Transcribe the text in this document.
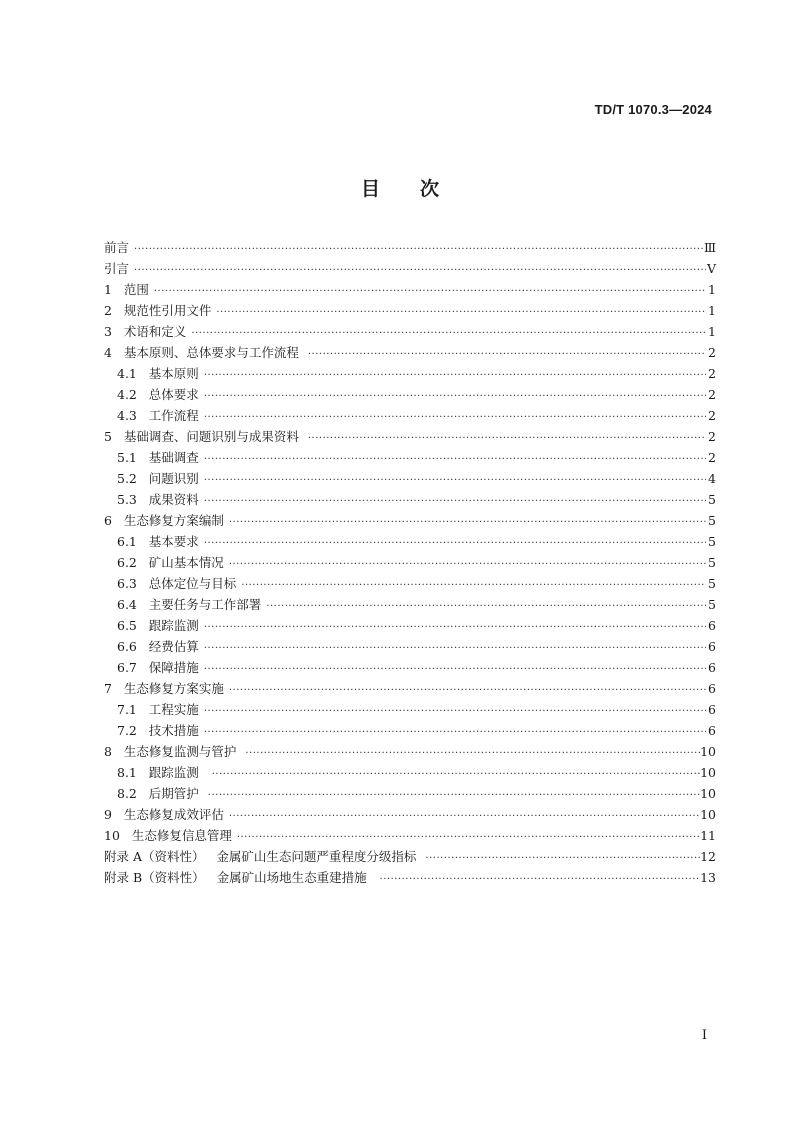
TD/T 1070.3—2024
目 次
前言 ·····	Ⅲ
引言 ·····	Ⅴ
1   范围 ·····	1
2   规范性引用文件 ·····	1
3   术语和定义 ·····	1
4   基本原则、总体要求与工作流程 ·····	2
4.1   基本原则 ·····	2
4.2   总体要求 ·····	2
4.3   工作流程 ·····	2
5   基础调查、问题识别与成果资料 ·····	2
5.1   基础调查 ·····	2
5.2   问题识别 ·····	4
5.3   成果资料 ·····	5
6   生态修复方案编制 ·····	5
6.1   基本要求 ·····	5
6.2   矿山基本情况 ·····	5
6.3   总体定位与目标 ·····	5
6.4   主要任务与工作部署 ·····	5
6.5   跟踪监测 ·····	6
6.6   经费估算 ·····	6
6.7   保障措施 ·····	6
7   生态修复方案实施 ·····	6
7.1   工程实施 ·····	6
7.2   技术措施 ·····	6
8   生态修复监测与管护 ·····	10
8.1   跟踪监测 ·····	10
8.2   后期管护 ·····	10
9   生态修复成效评估 ·····	10
10   生态修复信息管理 ·····	11
附录 A（资料性）   金属矿山生态问题严重程度分级指标 ·····	12
附录 B（资料性）   金属矿山场地生态重建措施 ·····	13
Ⅰ
